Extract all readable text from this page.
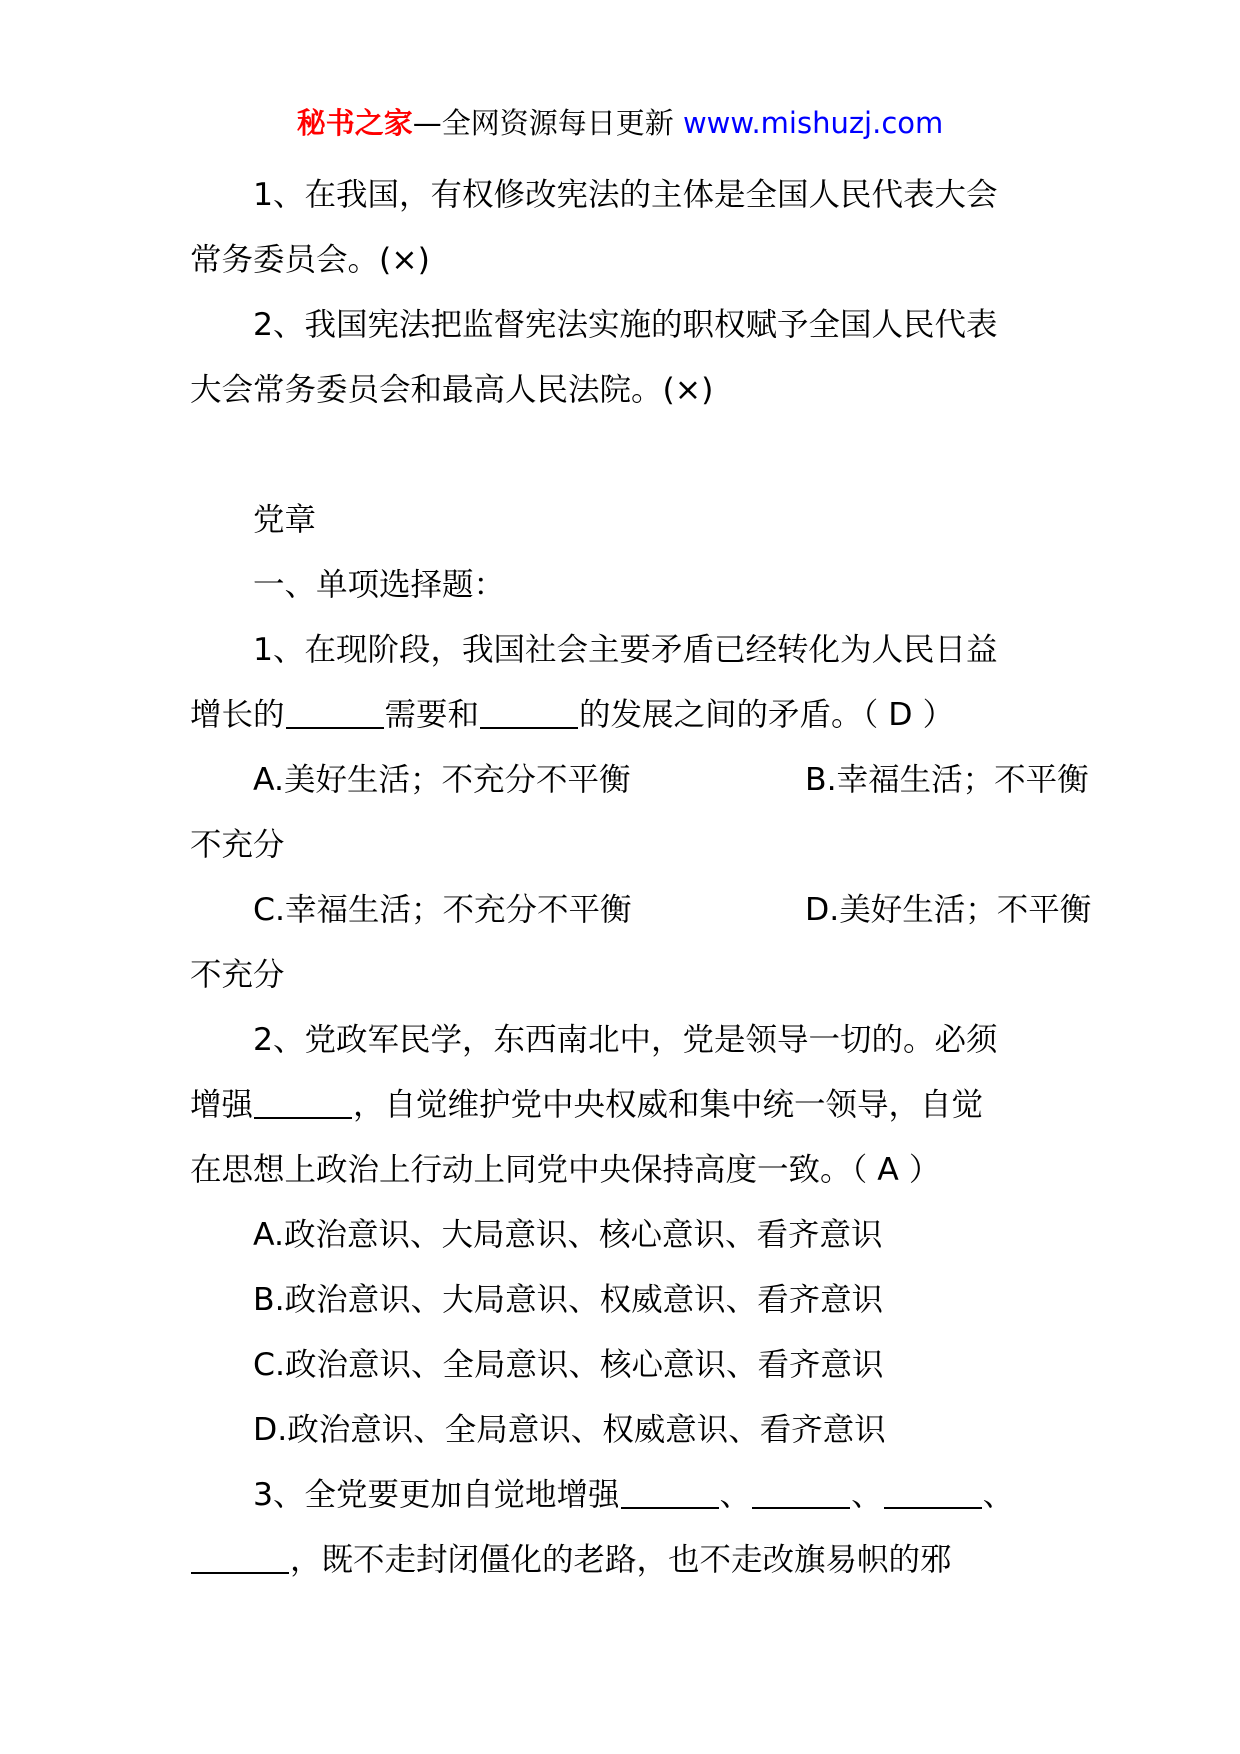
秘书之家—全网资源每日更新 www.mishuzj.com

1、在我国，有权修改宪法的主体是全国人民代表大会

常务委员会。(×)

2、我国宪法把监督宪法实施的职权赋予全国人民代表

大会常务委员会和最高人民法院。(×)

党章

一、单项选择题：

1、在现阶段，我国社会主要矛盾已经转化为人民日益

增长的	需要和	的发展之间的矛盾。（ D ）

A.美好生活；不充分不平衡	B.幸福生活；不平衡

不充分

C.幸福生活；不充分不平衡	D.美好生活；不平衡

不充分

2、党政军民学，东西南北中，党是领导一切的。必须

增强	，自觉维护党中央权威和集中统一领导，自觉

在思想上政治上行动上同党中央保持高度一致。（ A ）

A.政治意识、大局意识、核心意识、看齐意识

B.政治意识、大局意识、权威意识、看齐意识

C.政治意识、全局意识、核心意识、看齐意识

D.政治意识、全局意识、权威意识、看齐意识

3、全党要更加自觉地增强	、	、	、

，既不走封闭僵化的老路，也不走改旗易帜的邪
